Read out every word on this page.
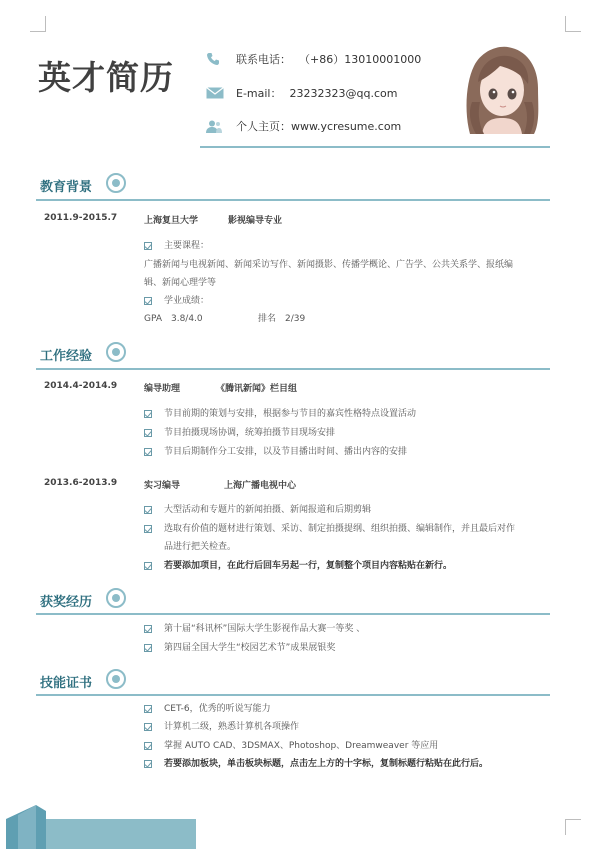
英才简历	联系电话： （+86）13010001000
E-mail： 23232323@qq.com
个人主页： www.ycresume.com
教育背景
2011.9-2015.7	上海复旦大学	影视编导专业
主要课程：
广播新闻与电视新闻、新闻采访写作、新闻摄影、传播学概论、广告学、公共关系学、报纸编
辑、新闻心理学等
学业成绩：
GPA　3.8/4.0	排名　2/39
工作经验
2014.4-2014.9	编导助理	《腾讯新闻》栏目组
节目前期的策划与安排，根据参与节目的嘉宾性格特点设置活动
节目拍摄现场协调，统筹拍摄节目现场安排
节目后期制作分工安排，以及节目播出时间、播出内容的安排
2013.6-2013.9	实习编导	上海广播电视中心
大型活动和专题片的新闻拍摄、新闻报道和后期剪辑
选取有价值的题材进行策划、采访、制定拍摄提纲、组织拍摄、编辑制作，并且最后对作
品进行把关检查。
若要添加项目，在此行后回车另起一行，复制整个项目内容粘贴在新行。
获奖经历
第十届“科讯杯”国际大学生影视作品大赛一等奖 、
第四届全国大学生“校园艺术节”成果展银奖
技能证书
CET-6，优秀的听说写能力
计算机二级，熟悉计算机各项操作
掌握 AUTO CAD、3DSMAX、Photoshop、Dreamweaver 等应用
若要添加板块，单击板块标题，点击左上方的十字标，复制标题行粘贴在此行后。
